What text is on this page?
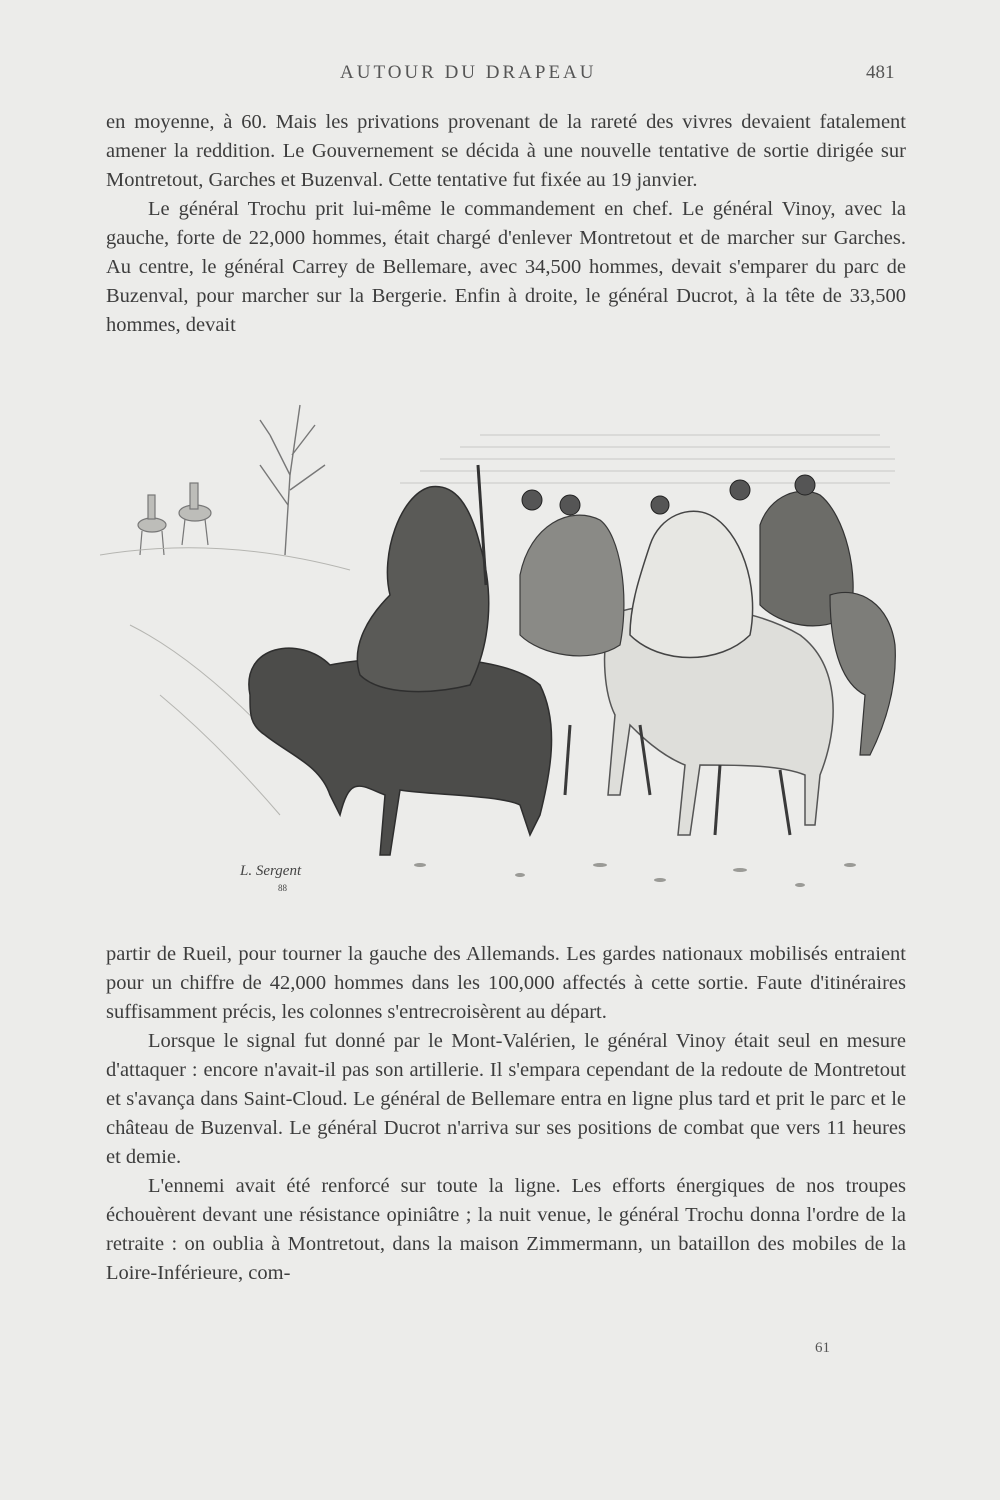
AUTOUR DU DRAPEAU	481

en moyenne, à 60. Mais les privations provenant de la rareté des vivres devaient fatalement amener la reddition. Le Gouvernement se décida à une nouvelle tentative de sortie dirigée sur Montretout, Garches et Buzenval. Cette tentative fut fixée au 19 janvier.

Le général Trochu prit lui-même le commandement en chef. Le général Vinoy, avec la gauche, forte de 22,000 hommes, était chargé d'enlever Montretout et de marcher sur Garches. Au centre, le général Carrey de Bellemare, avec 34,500 hommes, devait s'emparer du parc de Buzenval, pour marcher sur la Bergerie. Enfin à droite, le général Ducrot, à la tête de 33,500 hommes, devait

L. Sergent
88

partir de Rueil, pour tourner la gauche des Allemands. Les gardes nationaux mobilisés entraient pour un chiffre de 42,000 hommes dans les 100,000 affectés à cette sortie. Faute d'itinéraires suffisamment précis, les colonnes s'entrecroisèrent au départ.

Lorsque le signal fut donné par le Mont-Valérien, le général Vinoy était seul en mesure d'attaquer : encore n'avait-il pas son artillerie. Il s'empara cependant de la redoute de Montretout et s'avança dans Saint-Cloud. Le général de Bellemare entra en ligne plus tard et prit le parc et le château de Buzenval. Le général Ducrot n'arriva sur ses positions de combat que vers 11 heures et demie.

L'ennemi avait été renforcé sur toute la ligne. Les efforts énergiques de nos troupes échouèrent devant une résistance opiniâtre ; la nuit venue, le général Trochu donna l'ordre de la retraite : on oublia à Montretout, dans la maison Zimmermann, un bataillon des mobiles de la Loire-Inférieure, com-

61
